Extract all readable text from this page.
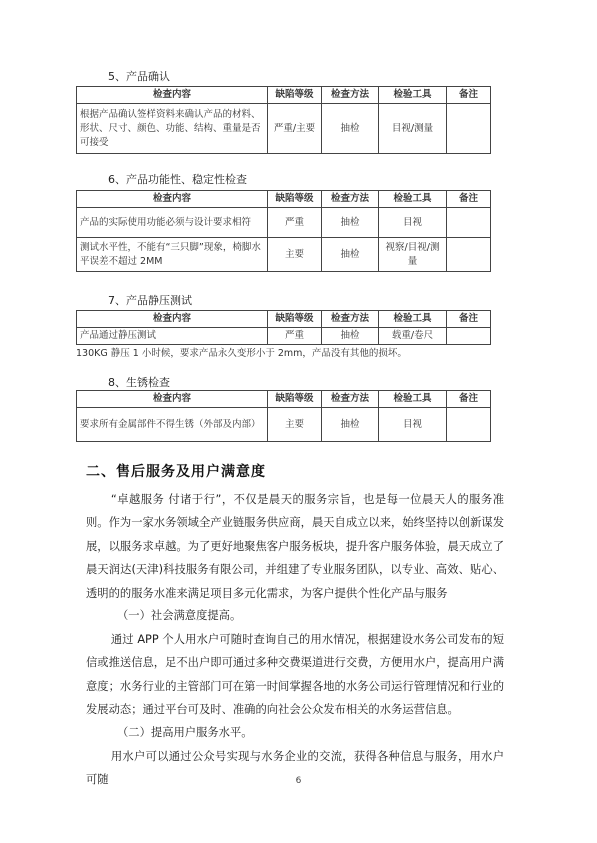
5、产品确认
检查内容	缺陷等级	检查方法	检验工具	备注
根据产品确认签样资料来确认产品的材料、形状、尺寸、颜色、功能、结构、重量是否可接受	严重/主要	抽检	目视/测量	
6、产品功能性、稳定性检查
检查内容	缺陷等级	检查方法	检验工具	备注
产品的实际使用功能必须与设计要求相符	严重	抽检	目视	
测试水平性，不能有“三只脚”现象，椅脚水平误差不超过 2MM	主要	抽检	视察/目视/测量	
7、产品静压测试
检查内容	缺陷等级	检查方法	检验工具	备注
产品通过静压测试	严重	抽检	载重/卷尺	
130KG 静压 1 小时候，要求产品永久变形小于 2mm，产品没有其他的损坏。
8、生锈检查
检查内容	缺陷等级	检查方法	检验工具	备注
要求所有金属部件不得生锈（外部及内部）	主要	抽检	目视	
二、售后服务及用户满意度

“卓越服务 付诸于行”，不仅是晨天的服务宗旨，也是每一位晨天人的服务准则。作为一家水务领域全产业链服务供应商，晨天自成立以来，始终坚持以创新谋发展，以服务求卓越。为了更好地聚焦客户服务板块，提升客户服务体验，晨天成立了晨天润达(天津)科技服务有限公司，并组建了专业服务团队，以专业、高效、贴心、透明的的服务水准来满足项目多元化需求，为客户提供个性化产品与服务

（一）社会满意度提高。

通过 APP 个人用水户可随时查询自己的用水情况，根据建设水务公司发布的短信或推送信息，足不出户即可通过多种交费渠道进行交费，方便用水户，提高用户满意度；水务行业的主管部门可在第一时间掌握各地的水务公司运行管理情况和行业的发展动态；通过平台可及时、准确的向社会公众发布相关的水务运营信息。

（二）提高用户服务水平。

用水户可以通过公众号实现与水务企业的交流，获得各种信息与服务，用水户可随	6
